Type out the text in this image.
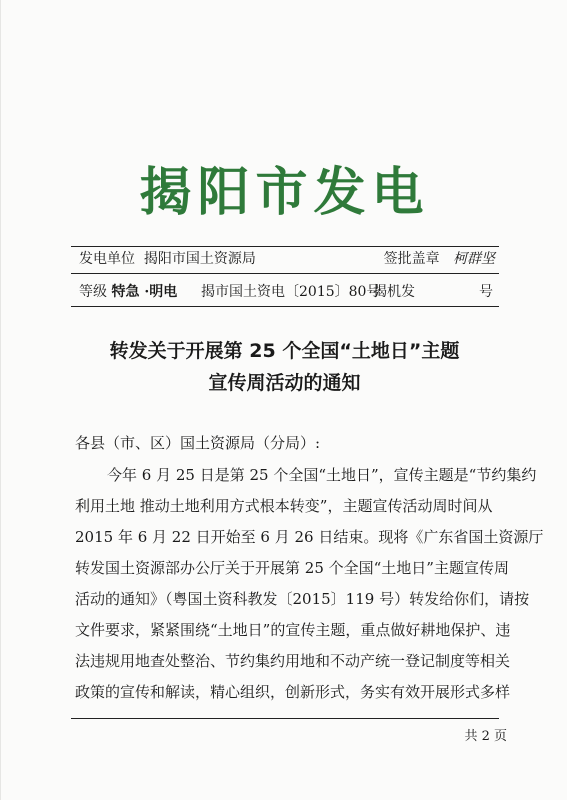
揭阳市发电
发电单位 揭阳市国土资源局	签批盖章 柯群坚
等级 特急 ·明电 揭市国土资电〔2015〕80号
揭机发	号
转发关于开展第 25 个全国“土地日”主题
宣传周活动的通知
各县（市、区）国土资源局（分局）:
今年 6 月 25 日是第 25 个全国“土地日”，宣传主题是“节约集约
利用土地 推动土地利用方式根本转变”，主题宣传活动周时间从
2015 年 6 月 22 日开始至 6 月 26 日结束。现将《广东省国土资源厅
转发国土资源部办公厅关于开展第 25 个全国“土地日”主题宣传周
活动的通知》（粤国土资科教发〔2015〕119 号）转发给你们，请按
文件要求，紧紧围绕“土地日”的宣传主题，重点做好耕地保护、违
法违规用地查处整治、节约集约用地和不动产统一登记制度等相关
政策的宣传和解读，精心组织，创新形式，务实有效开展形式多样
共 2 页
